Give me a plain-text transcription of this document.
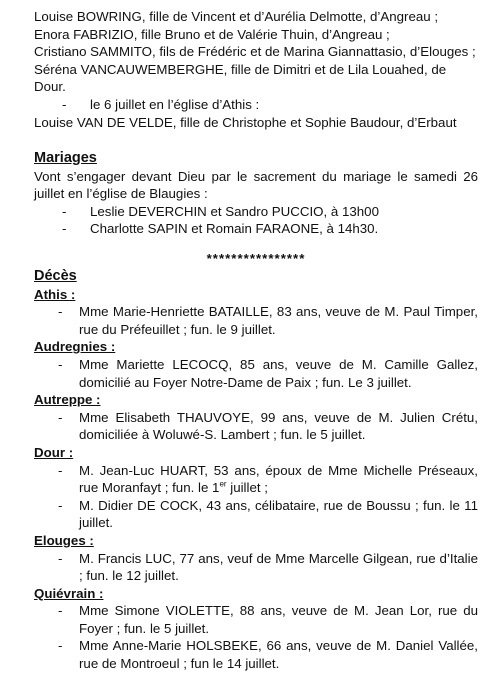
Louise BOWRING, fille de Vincent et d’Aurélia Delmotte, d’Angreau ;

Enora FABRIZIO, fille Bruno et de Valérie Thuin, d’Angreau ;

Cristiano SAMMITO, fils de Frédéric et de Marina Giannattasio, d’Elouges ;

Séréna VANCAUWEMBERGHE, fille de Dimitri et de Lila Louahed, de Dour.

- le 6 juillet en l’église d’Athis :

Louise VAN DE VELDE, fille de Christophe et Sophie Baudour, d’Erbaut

Mariages

Vont s’engager devant Dieu par le sacrement du mariage le samedi 26 juillet en l’église de Blaugies :

- Leslie DEVERCHIN et Sandro PUCCIO, à 13h00

- Charlotte SAPIN et Romain FARAONE, à 14h30.

****************

Décès

Athis :

- Mme Marie-Henriette BATAILLE, 83 ans, veuve de M. Paul Timper, rue du Préfeuillet ; fun. le 9 juillet.

Audregnies :

- Mme Mariette LECOCQ, 85 ans, veuve de M. Camille Gallez, domicilié au Foyer Notre-Dame de Paix ; fun. Le 3 juillet.

Autreppe :

- Mme Elisabeth THAUVOYE, 99 ans, veuve de M. Julien Crétu, domiciliée à Woluwé-S. Lambert ; fun. le 5 juillet.

Dour :

- M. Jean-Luc HUART, 53 ans, époux de Mme Michelle Préseaux, rue Moranfayt ; fun. le 1er juillet ;

- M. Didier DE COCK, 43 ans, célibataire, rue de Boussu ; fun. le 11 juillet.

Elouges :

- M. Francis LUC, 77 ans, veuf de Mme Marcelle Gilgean, rue d’Italie ; fun. le 12 juillet.

Quiévrain :

- Mme Simone VIOLETTE, 88 ans, veuve de M. Jean Lor, rue du Foyer ; fun. le 5 juillet.

- Mme Anne-Marie HOLSBEKE, 66 ans, veuve de M. Daniel Vallée, rue de Montroeul ; fun le 14 juillet.
